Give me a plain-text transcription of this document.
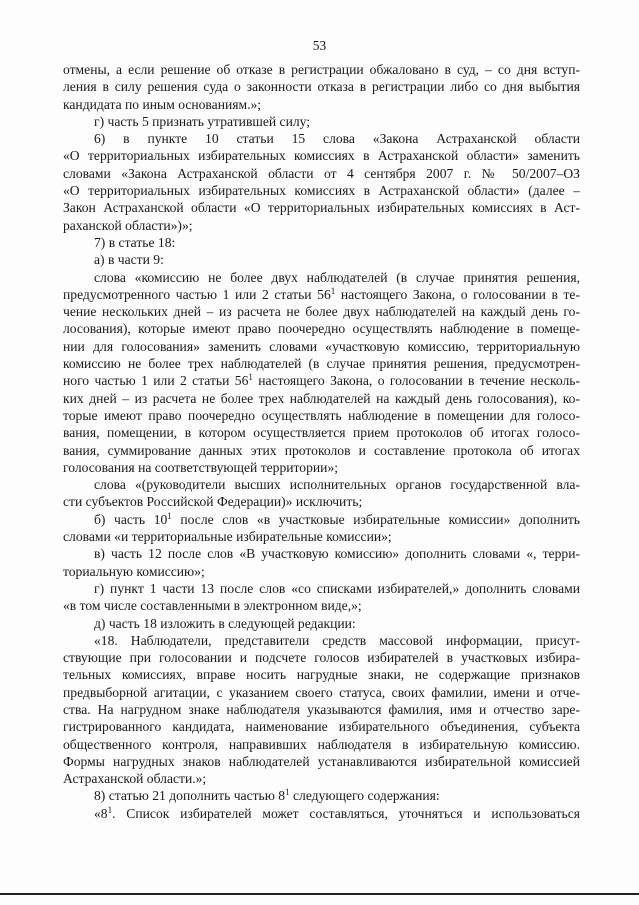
53
отмены, а если решение об отказе в регистрации обжаловано в суд, – со дня вступ-
ления в силу решения суда о законности отказа в регистрации либо со дня выбытия
кандидата по иным основаниям.»;
г) часть 5 признать утратившей силу;
6) в пункте 10 статьи 15 слова «Закона Астраханской области
«О территориальных избирательных комиссиях в Астраханской области» заменить
словами «Закона Астраханской области от 4 сентября 2007 г. № 50/2007–ОЗ
«О территориальных избирательных комиссиях в Астраханской области» (далее –
Закон Астраханской области «О территориальных избирательных комиссиях в Аст-
раханской области»)»;
7) в статье 18:
а) в части 9:
слова «комиссию не более двух наблюдателей (в случае принятия решения,
предусмотренного частью 1 или 2 статьи $56^1$ настоящего Закона, о голосовании в те-
чение нескольких дней – из расчета не более двух наблюдателей на каждый день го-
лосования), которые имеют право поочередно осуществлять наблюдение в помеще-
нии для голосования» заменить словами «участковую комиссию, территориальную
комиссию не более трех наблюдателей (в случае принятия решения, предусмотрен-
ного частью 1 или 2 статьи $56^1$ настоящего Закона, о голосовании в течение несколь-
ких дней – из расчета не более трех наблюдателей на каждый день голосования), ко-
торые имеют право поочередно осуществлять наблюдение в помещении для голосо-
вания, помещении, в котором осуществляется прием протоколов об итогах голосо-
вания, суммирование данных этих протоколов и составление протокола об итогах
голосования на соответствующей территории»;
слова «(руководители высших исполнительных органов государственной вла-
сти субъектов Российской Федерации)» исключить;
б) часть $10^1$ после слов «в участковые избирательные комиссии» дополнить
словами «и территориальные избирательные комиссии»;
в) часть 12 после слов «В участковую комиссию» дополнить словами «, терри-
ториальную комиссию»;
г) пункт 1 части 13 после слов «со списками избирателей,» дополнить словами
«в том числе составленными в электронном виде,»;
д) часть 18 изложить в следующей редакции:
«18. Наблюдатели, представители средств массовой информации, присут-
ствующие при голосовании и подсчете голосов избирателей в участковых избира-
тельных комиссиях, вправе носить нагрудные знаки, не содержащие признаков
предвыборной агитации, с указанием своего статуса, своих фамилии, имени и отче-
ства. На нагрудном знаке наблюдателя указываются фамилия, имя и отчество заре-
гистрированного кандидата, наименование избирательного объединения, субъекта
общественного контроля, направивших наблюдателя в избирательную комиссию.
Формы нагрудных знаков наблюдателей устанавливаются избирательной комиссией
Астраханской области.»;
8) статью 21 дополнить частью $8^1$ следующего содержания:
«$8^1$. Список избирателей может составляться, уточняться и использоваться
